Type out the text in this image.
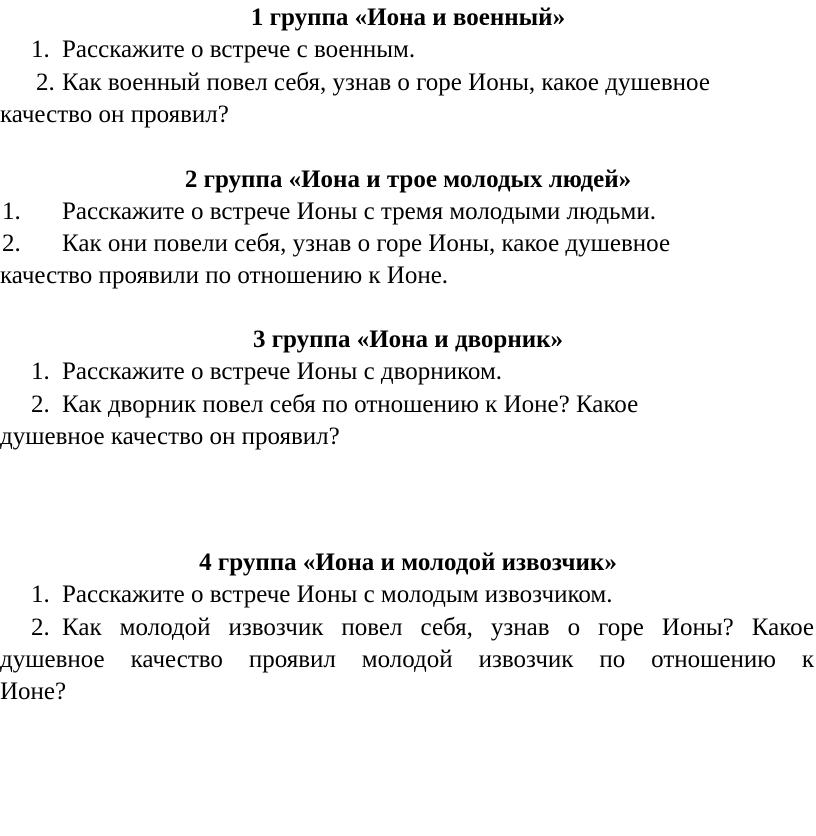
1 группа «Иона и военный»
1. Расскажите о встрече с военным.
2. Как военный повел себя, узнав о горе Ионы, какое душевное
качество он проявил?
2 группа «Иона и трое молодых людей»
1. Расскажите о встрече Ионы с тремя молодыми людьми.
2. Как они повели себя, узнав о горе Ионы, какое душевное
качество проявили по отношению к Ионе.
3 группа «Иона и дворник»
1. Расскажите о встрече Ионы с дворником.
2. Как дворник повел себя по отношению к Ионе? Какое
душевное качество он проявил?
4 группа «Иона и молодой извозчик»
1. Расскажите о встрече Ионы с молодым извозчиком.
2. Как молодой извозчик повел себя, узнав о горе Ионы? Какое
душевное качество проявил молодой извозчик по отношению к
Ионе?
